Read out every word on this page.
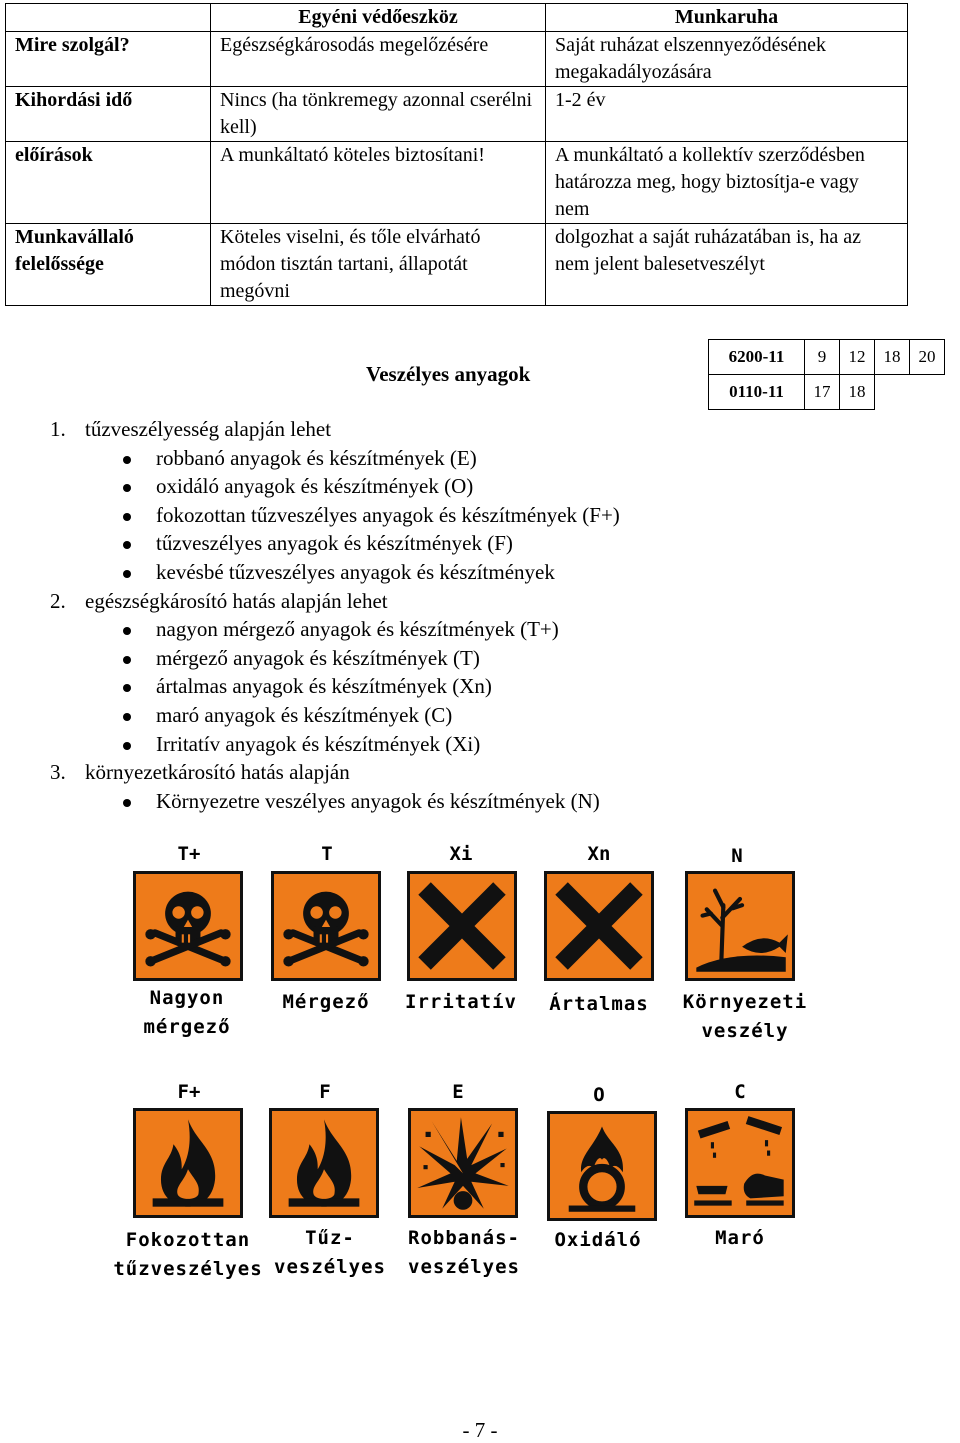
	Egyéni védőeszköz	Munkaruha
Mire szolgál?	Egészségkárosodás megelőzésére	Saját ruházat elszennyeződésének megakadályozására
Kihordási idő	Nincs (ha tönkremegy azonnal cserélni kell)	1-2 év
előírások	A munkáltató köteles biztosítani!	A munkáltató a kollektív szerződésben határozza meg, hogy biztosítja-e vagy nem
Munkavállaló felelőssége	Köteles viselni, és tőle elvárható módon tisztán tartani, állapotát megóvni	dolgozhat a saját ruházatában is, ha az nem jelent balesetveszélyt
6200-11	9	12	18	20
0110-11	17	18		
Veszélyes anyagok
1. tűzveszélyesség alapján lehet
robbanó anyagok és készítmények (E)
oxidáló anyagok és készítmények (O)
fokozottan tűzveszélyes anyagok és készítmények (F+)
tűzveszélyes anyagok és készítmények (F)
kevésbé tűzveszélyes anyagok és készítmények
2. egészségkárosító hatás alapján lehet
nagyon mérgező anyagok és készítmények (T+)
mérgező anyagok és készítmények (T)
ártalmas anyagok és készítmények (Xn)
maró anyagok és készítmények (C)
Irritatív anyagok és készítmények (Xi)
3. környezetkárosító hatás alapján
Környezetre veszélyes anyagok és készítmények (N)
T+	T	Xi	Xn	N
Nagyon
mérgező
Mérgező	Irritatív	Ártalmas	Környezeti
veszély
F+	F	E	O	C
Fokozottan
tűzveszélyes
Tűz-
veszélyes
Robbanás-
veszélyes
Oxidáló	Maró
- 7 -
